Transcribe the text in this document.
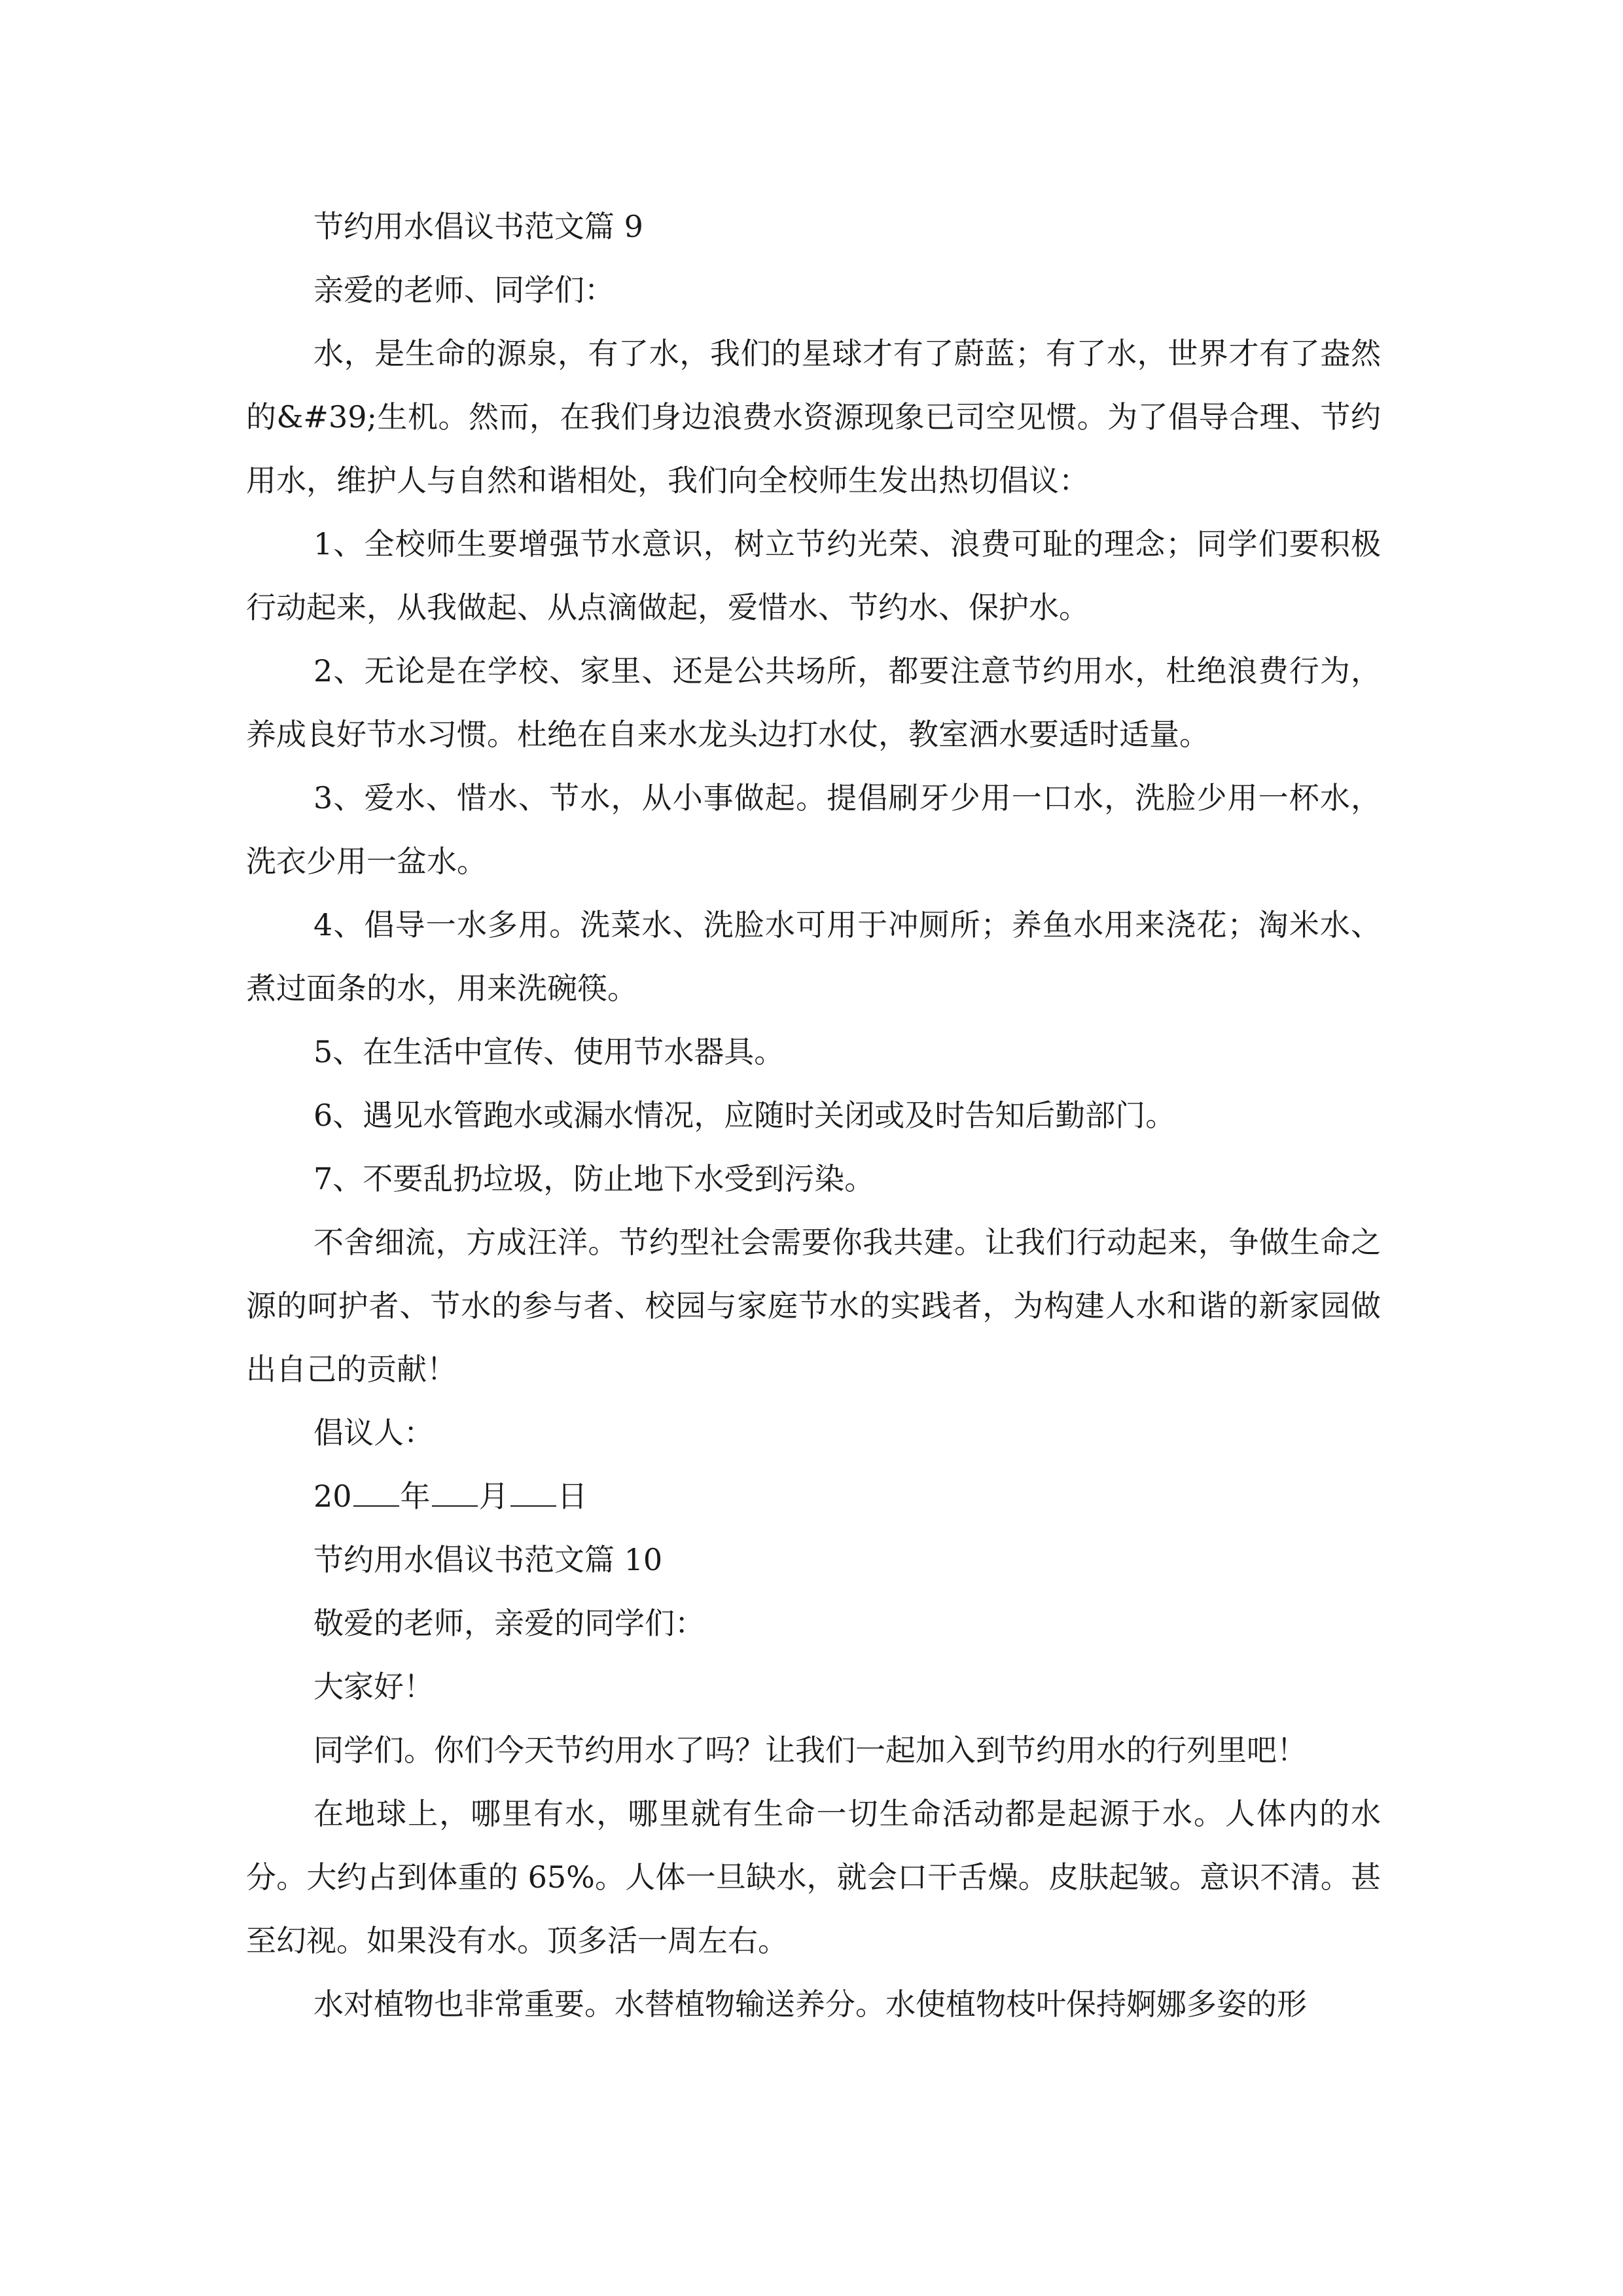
节约用水倡议书范文篇 9
亲爱的老师、同学们：

水，是生命的源泉，有了水，我们的星球才有了蔚蓝；有了水，世界才有了盎然的&#39;生机。然而，在我们身边浪费水资源现象已司空见惯。为了倡导合理、节约用水，维护人与自然和谐相处，我们向全校师生发出热切倡议：

1、全校师生要增强节水意识，树立节约光荣、浪费可耻的理念；同学们要积极行动起来，从我做起、从点滴做起，爱惜水、节约水、保护水。

2、无论是在学校、家里、还是公共场所，都要注意节约用水，杜绝浪费行为，养成良好节水习惯。杜绝在自来水龙头边打水仗，教室洒水要适时适量。

3、爱水、惜水、节水，从小事做起。提倡刷牙少用一口水，洗脸少用一杯水，洗衣少用一盆水。

4、倡导一水多用。洗菜水、洗脸水可用于冲厕所；养鱼水用来浇花；淘米水、煮过面条的水，用来洗碗筷。

5、在生活中宣传、使用节水器具。

6、遇见水管跑水或漏水情况，应随时关闭或及时告知后勤部门。

7、不要乱扔垃圾，防止地下水受到污染。

不舍细流，方成汪洋。节约型社会需要你我共建。让我们行动起来，争做生命之源的呵护者、节水的参与者、校园与家庭节水的实践者，为构建人水和谐的新家园做出自己的贡献！

倡议人：
20 年 月 日
节约用水倡议书范文篇 10
敬爱的老师，亲爱的同学们：
大家好！

同学们。你们今天节约用水了吗？让我们一起加入到节约用水的行列里吧！

在地球上，哪里有水，哪里就有生命一切生命活动都是起源于水。人体内的水分。大约占到体重的 65%。人体一旦缺水，就会口干舌燥。皮肤起皱。意识不清。甚至幻视。如果没有水。顶多活一周左右。

水对植物也非常重要。水替植物输送养分。水使植物枝叶保持婀娜多姿的形
